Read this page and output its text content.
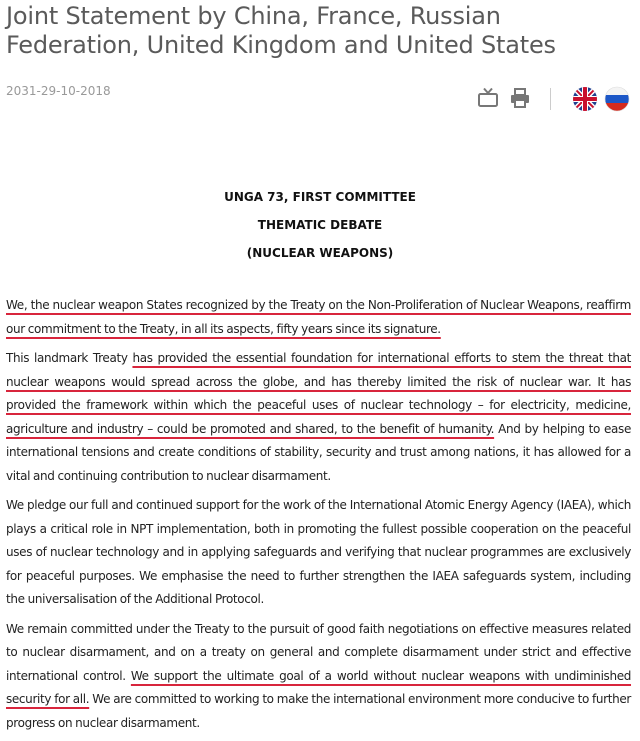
Joint Statement by China, France, Russian Federation, United Kingdom and United States
2031-29-10-2018
UNGA 73, FIRST COMMITTEE
THEMATIC DEBATE
(NUCLEAR WEAPONS)

We, the nuclear weapon States recognized by the Treaty on the Non-Proliferation of Nuclear Weapons, reaffirm our commitment to the Treaty, in all its aspects, fifty years since its signature.

This landmark Treaty has provided the essential foundation for international efforts to stem the threat that nuclear weapons would spread across the globe, and has thereby limited the risk of nuclear war. It has provided the framework within which the peaceful uses of nuclear technology – for electricity, medicine, agriculture and industry – could be promoted and shared, to the benefit of humanity. And by helping to ease international tensions and create conditions of stability, security and trust among nations, it has allowed for a vital and continuing contribution to nuclear disarmament.

We pledge our full and continued support for the work of the International Atomic Energy Agency (IAEA), which plays a critical role in NPT implementation, both in promoting the fullest possible cooperation on the peaceful uses of nuclear technology and in applying safeguards and verifying that nuclear programmes are exclusively for peaceful purposes. We emphasise the need to further strengthen the IAEA safeguards system, including the universalisation of the Additional Protocol.

We remain committed under the Treaty to the pursuit of good faith negotiations on effective measures related to nuclear disarmament, and on a treaty on general and complete disarmament under strict and effective international control. We support the ultimate goal of a world without nuclear weapons with undiminished security for all. We are committed to working to make the international environment more conducive to further progress on nuclear disarmament.
